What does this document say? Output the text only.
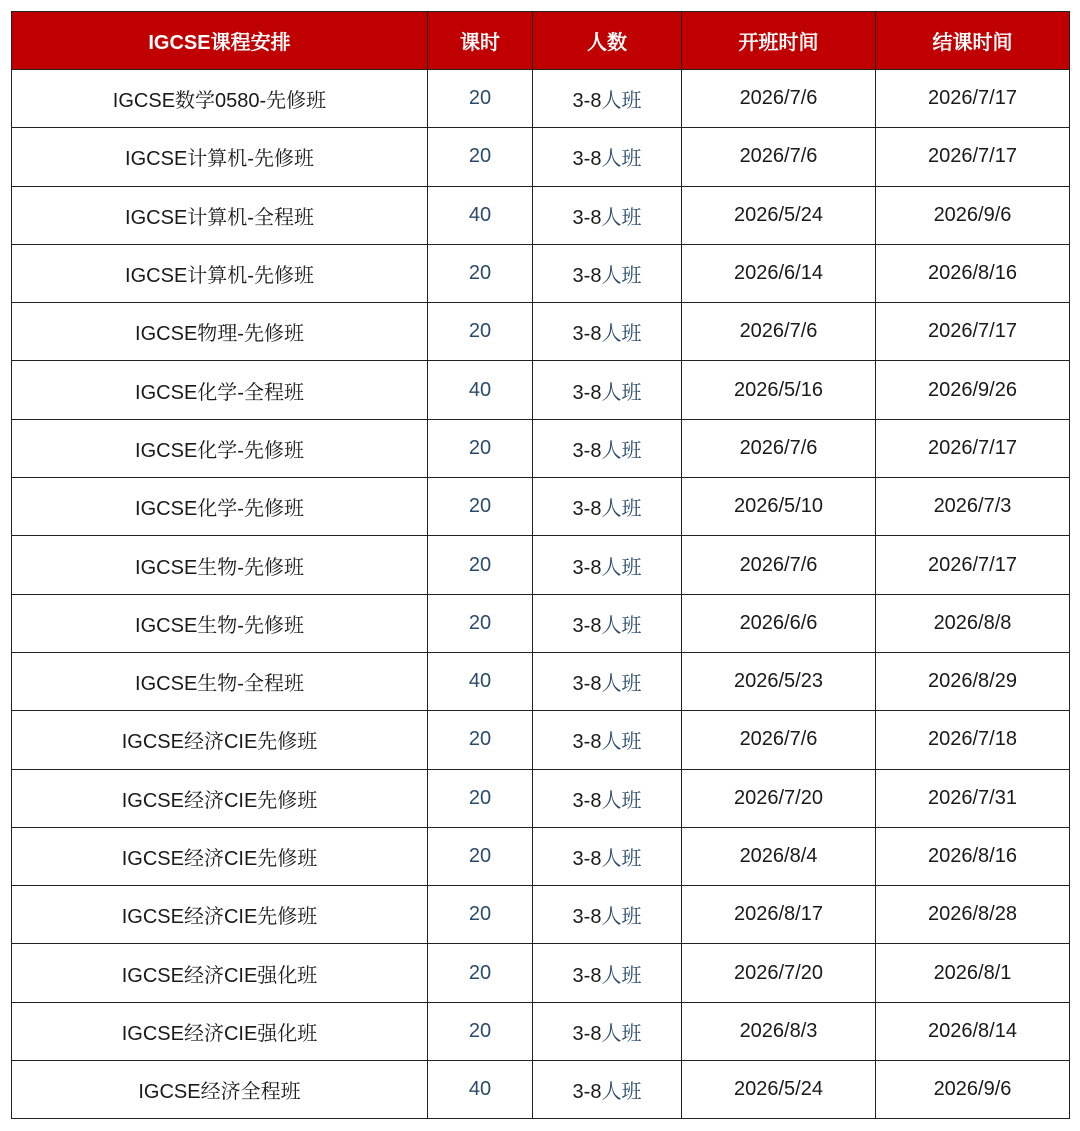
IGCSE课程安排	课时	人数	开班时间	结课时间
IGCSE数学0580-先修班	20	3-8人班	2026/7/6	2026/7/17
IGCSE计算机-先修班	20	3-8人班	2026/7/6	2026/7/17
IGCSE计算机-全程班	40	3-8人班	2026/5/24	2026/9/6
IGCSE计算机-先修班	20	3-8人班	2026/6/14	2026/8/16
IGCSE物理-先修班	20	3-8人班	2026/7/6	2026/7/17
IGCSE化学-全程班	40	3-8人班	2026/5/16	2026/9/26
IGCSE化学-先修班	20	3-8人班	2026/7/6	2026/7/17
IGCSE化学-先修班	20	3-8人班	2026/5/10	2026/7/3
IGCSE生物-先修班	20	3-8人班	2026/7/6	2026/7/17
IGCSE生物-先修班	20	3-8人班	2026/6/6	2026/8/8
IGCSE生物-全程班	40	3-8人班	2026/5/23	2026/8/29
IGCSE经济CIE先修班	20	3-8人班	2026/7/6	2026/7/18
IGCSE经济CIE先修班	20	3-8人班	2026/7/20	2026/7/31
IGCSE经济CIE先修班	20	3-8人班	2026/8/4	2026/8/16
IGCSE经济CIE先修班	20	3-8人班	2026/8/17	2026/8/28
IGCSE经济CIE强化班	20	3-8人班	2026/7/20	2026/8/1
IGCSE经济CIE强化班	20	3-8人班	2026/8/3	2026/8/14
IGCSE经济全程班	40	3-8人班	2026/5/24	2026/9/6
